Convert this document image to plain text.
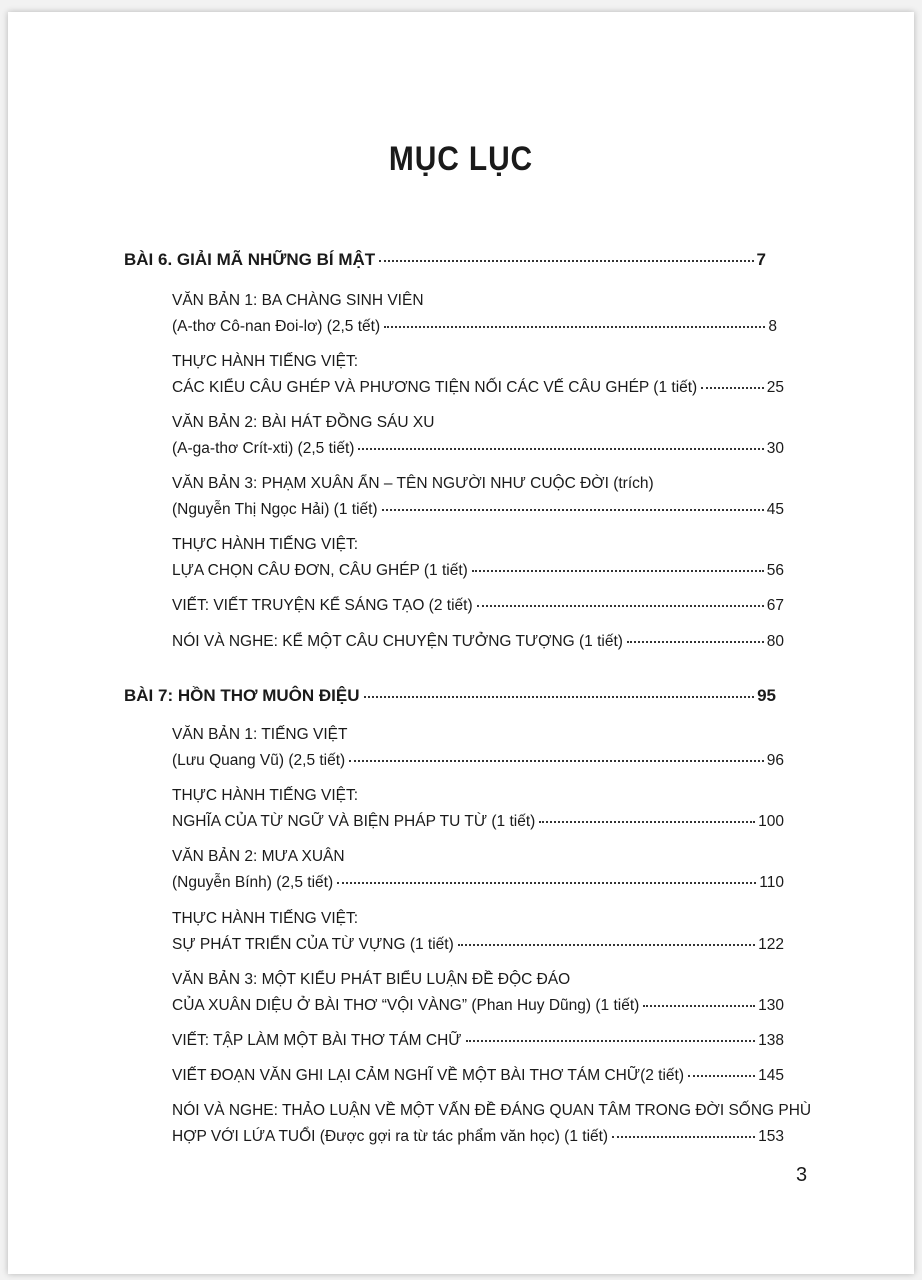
MỤC LỤC
BÀI 6. GIẢI MÃ NHỮNG BÍ MẬT	7
VĂN BẢN 1: BA CHÀNG SINH VIÊN
(A-thơ Cô-nan Đoi-lơ) (2,5 tết)	8
THỰC HÀNH TIẾNG VIỆT:
CÁC KIỂU CÂU GHÉP VÀ PHƯƠNG TIỆN NỐI CÁC VẾ CÂU GHÉP (1 tiết)	25
VĂN BẢN 2: BÀI HÁT ĐỒNG SÁU XU
(A-ga-thơ Crít-xti) (2,5 tiết)	30
VĂN BẢN 3: PHẠM XUÂN ẨN – TÊN NGƯỜI NHƯ CUỘC ĐỜI (trích)
(Nguyễn Thị Ngọc Hải) (1 tiết)	45
THỰC HÀNH TIẾNG VIỆT:
LỰA CHỌN CÂU ĐƠN, CÂU GHÉP (1 tiết)	56
VIẾT: VIẾT TRUYỆN KỂ SÁNG TẠO (2 tiết)	67
NÓI VÀ NGHE: KỂ MỘT CÂU CHUYỆN TƯỞNG TƯỢNG (1 tiết)	80
BÀI 7: HỒN THƠ MUÔN ĐIỆU	95
VĂN BẢN 1: TIẾNG VIỆT
(Lưu Quang Vũ) (2,5 tiết)	96
THỰC HÀNH TIẾNG VIỆT:
NGHĨA CỦA TỪ NGỮ VÀ BIỆN PHÁP TU TỪ (1 tiết)	100
VĂN BẢN 2: MƯA XUÂN
(Nguyễn Bính) (2,5 tiết)	110
THỰC HÀNH TIẾNG VIỆT:
SỰ PHÁT TRIỂN CỦA TỪ VỰNG (1 tiết)	122
VĂN BẢN 3: MỘT KIỂU PHÁT BIỂU LUẬN ĐỀ ĐỘC ĐÁO
CỦA XUÂN DIỆU Ở BÀI THƠ “VỘI VÀNG” (Phan Huy Dũng) (1 tiết)	130
VIẾT: TẬP LÀM MỘT BÀI THƠ TÁM CHỮ	138
VIẾT ĐOẠN VĂN GHI LẠI CẢM NGHĨ VỀ MỘT BÀI THƠ TÁM CHỮ(2 tiết)	145
NÓI VÀ NGHE: THẢO LUẬN VỀ MỘT VẤN ĐỀ ĐÁNG QUAN TÂM TRONG ĐỜI SỐNG PHÙ
HỢP VỚI LỨA TUỔI (Được gợi ra từ tác phẩm văn học) (1 tiết)	153
3
